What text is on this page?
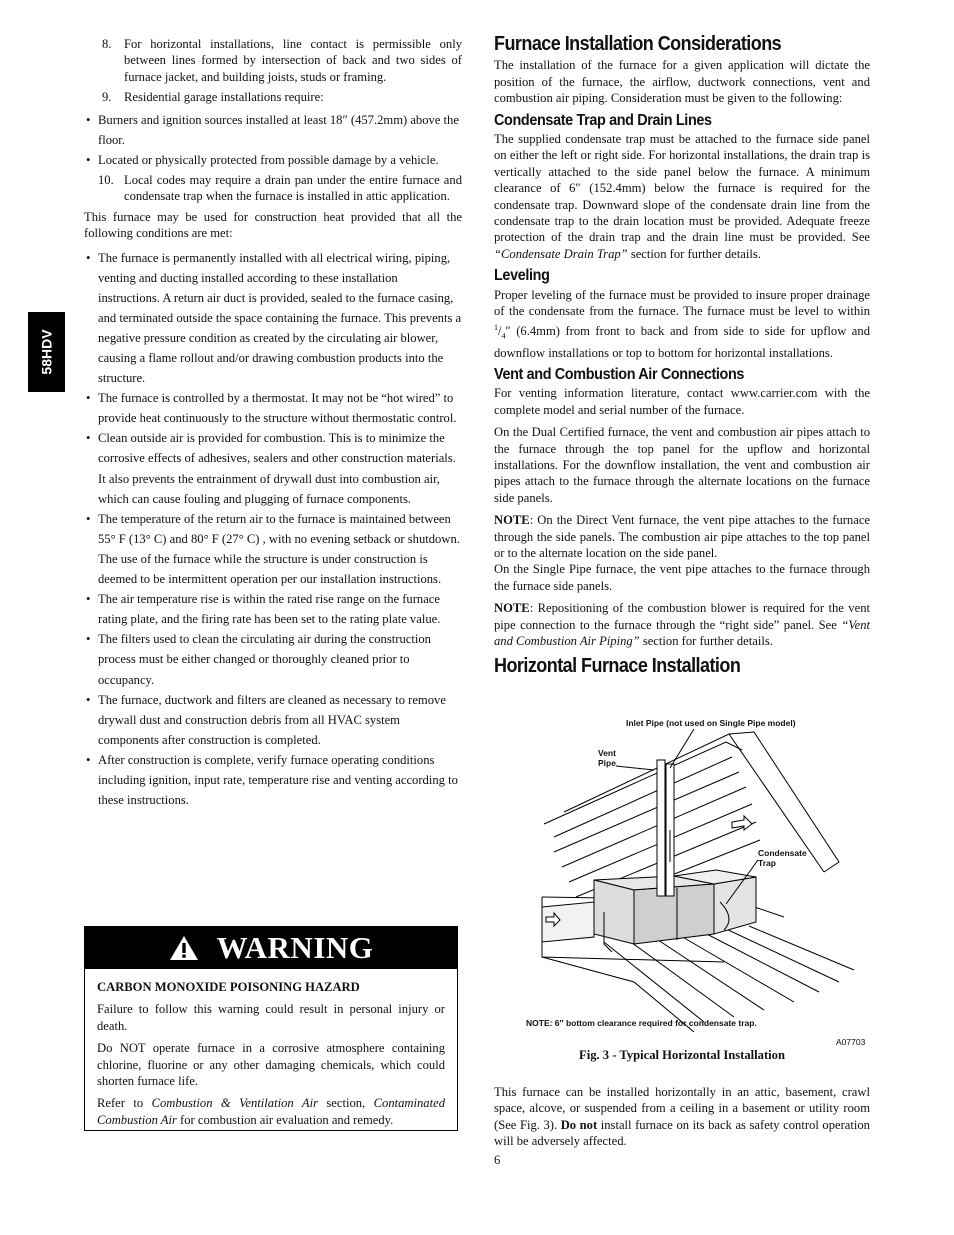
58HDV

8. For horizontal installations, line contact is permissible only between lines formed by intersection of back and two sides of furnace jacket, and building joists, studs or framing.

9. Residential garage installations require:

• Burners and ignition sources installed at least 18″ (457.2mm) above the floor.

• Located or physically protected from possible damage by a vehicle.

10. Local codes may require a drain pan under the entire furnace and condensate trap when the furnace is installed in attic application.

This furnace may be used for construction heat provided that all the following conditions are met:

• The furnace is permanently installed with all electrical wiring, piping, venting and ducting installed according to these installation instructions. A return air duct is provided, sealed to the furnace casing, and terminated outside the space containing the furnace. This prevents a negative pressure condition as created by the circulating air blower, causing a flame rollout and/or drawing combustion products into the structure.

• The furnace is controlled by a thermostat. It may not be “hot wired” to provide heat continuously to the structure without thermostatic control.

• Clean outside air is provided for combustion. This is to minimize the corrosive effects of adhesives, sealers and other construction materials. It also prevents the entrainment of drywall dust into combustion air, which can cause fouling and plugging of furnace components.

• The temperature of the return air to the furnace is maintained between 55° F (13° C) and 80° F (27° C) , with no evening setback or shutdown. The use of the furnace while the structure is under construction is deemed to be intermittent operation per our installation instructions.

• The air temperature rise is within the rated rise range on the furnace rating plate, and the firing rate has been set to the rating plate value.

• The filters used to clean the circulating air during the construction process must be either changed or thoroughly cleaned prior to occupancy.

• The furnace, ductwork and filters are cleaned as necessary to remove drywall dust and construction debris from all HVAC system components after construction is completed.

• After construction is complete, verify furnace operating conditions including ignition, input rate, temperature rise and venting according to these instructions.

WARNING

CARBON MONOXIDE POISONING HAZARD

Failure to follow this warning could result in personal injury or death.

Do NOT operate furnace in a corrosive atmosphere containing chlorine, fluorine or any other damaging chemicals, which could shorten furnace life.

Refer to Combustion & Ventilation Air section, Contaminated Combustion Air for combustion air evaluation and remedy.

Furnace Installation Considerations

The installation of the furnace for a given application will dictate the position of the furnace, the airflow, ductwork connections, vent and combustion air piping. Consideration must be given to the following:

Condensate Trap and Drain Lines

The supplied condensate trap must be attached to the furnace side panel on either the left or right side. For horizontal installations, the drain trap is vertically attached to the side panel below the furnace. A minimum clearance of 6″ (152.4mm) below the furnace is required for the condensate trap. Downward slope of the condensate drain line from the condensate trap to the drain location must be provided. Adequate freeze protection of the drain trap and the drain line must be provided. See “Condensate Drain Trap” section for further details.

Leveling

Proper leveling of the furnace must be provided to insure proper drainage of the condensate from the furnace. The furnace must be level to within $^1/_4''$ (6.4mm) from front to back and from side to side for upflow and downflow installations or top to bottom for horizontal installations.

Vent and Combustion Air Connections

For venting information literature, contact www.carrier.com with the complete model and serial number of the furnace.

On the Dual Certified furnace, the vent and combustion air pipes attach to the furnace through the top panel for the upflow and horizontal installations. For the downflow installation, the vent and combustion air pipes attach to the furnace through the alternate locations on the furnace side panels.

NOTE: On the Direct Vent furnace, the vent pipe attaches to the furnace through the side panels. The combustion air pipe attaches to the top panel or to the alternate location on the side panel.

On the Single Pipe furnace, the vent pipe attaches to the furnace through the furnace side panels.

NOTE: Repositioning of the combustion blower is required for the vent pipe connection to the furnace through the “right side” panel. See “Vent and Combustion Air Piping” section for further details.

Horizontal Furnace Installation
Inlet Pipe (not used on Single Pipe model)
Vent
Pipe
Condensate
Trap
NOTE: 6″ bottom clearance required for condensate trap.
A07703
Fig. 3 - Typical Horizontal Installation

This furnace can be installed horizontally in an attic, basement, crawl space, alcove, or suspended from a ceiling in a basement or utility room (See Fig. 3). Do not install furnace on its back as safety control operation will be adversely affected.

6
